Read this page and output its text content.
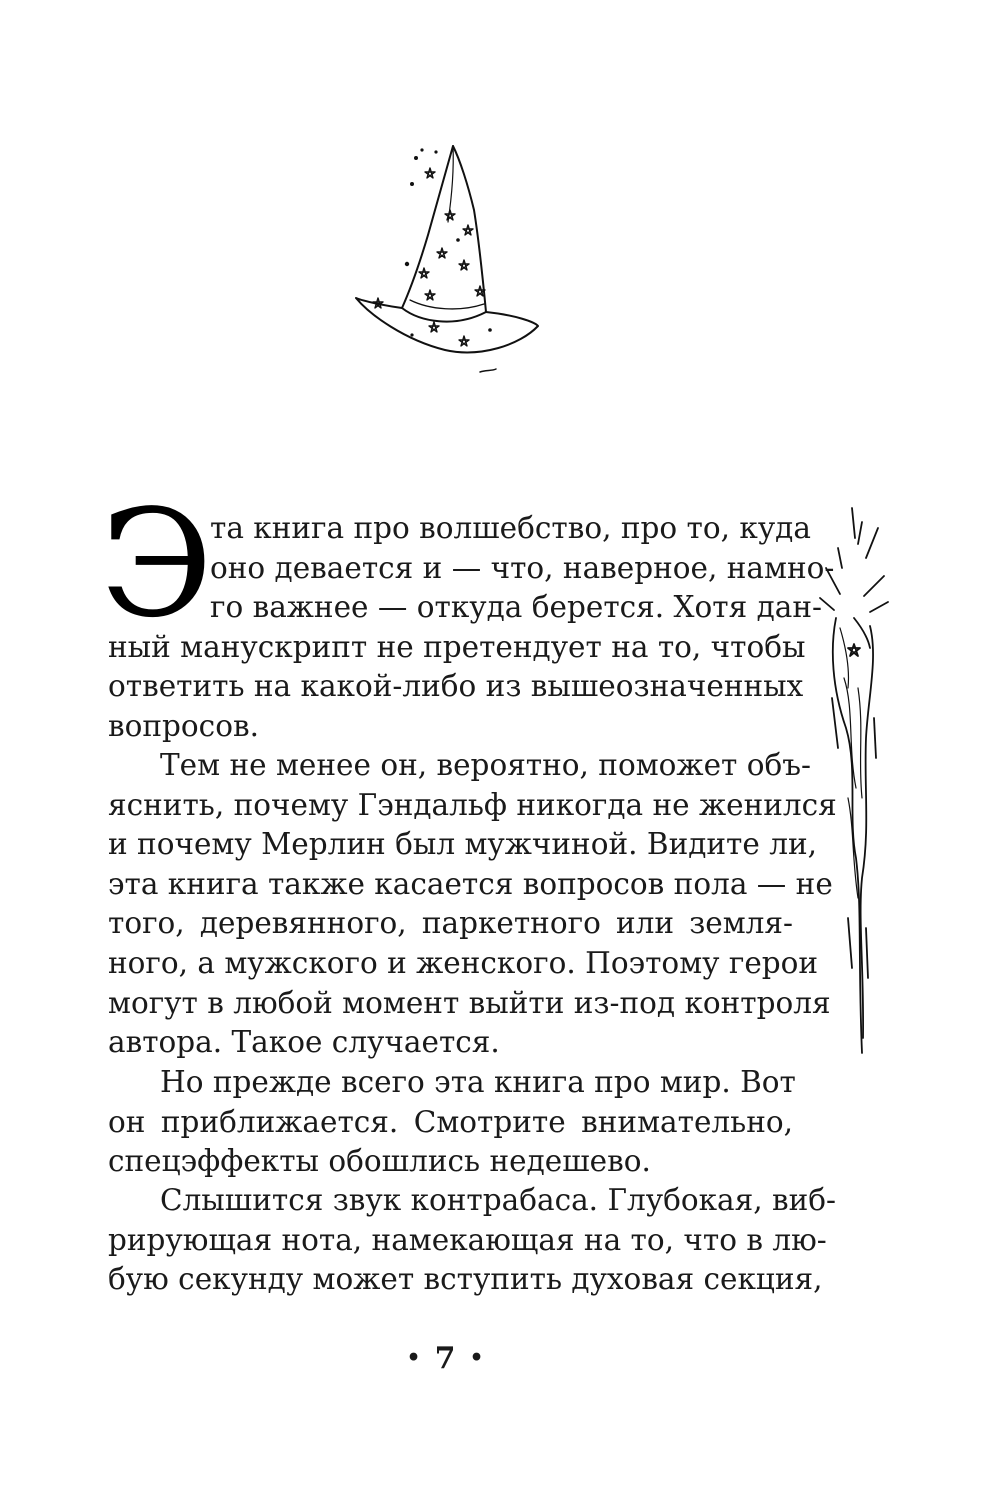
Э
та книга про волшебство, про то, куда
оно девается и — что, наверное, намно-
го важнее — откуда берется. Хотя дан-
ный манускрипт не претендует на то, чтобы
ответить на какой-либо из вышеозначенных
вопросов.
Тем не менее он, вероятно, поможет объ-
яснить, почему Гэндальф никогда не женился
и почему Мерлин был мужчиной. Видите ли,
эта книга также касается вопросов пола — не
того, деревянного, паркетного или земля-
ного, а мужского и женского. Поэтому герои
могут в любой момент выйти из-под контроля
автора. Такое случается.
Но прежде всего эта книга про мир. Вот
он приближается. Смотрите внимательно,
спецэффекты обошлись недешево.
Слышится звук контрабаса. Глубокая, виб-
рирующая нота, намекающая на то, что в лю-
бую секунду может вступить духовая секция,
• 7 •
